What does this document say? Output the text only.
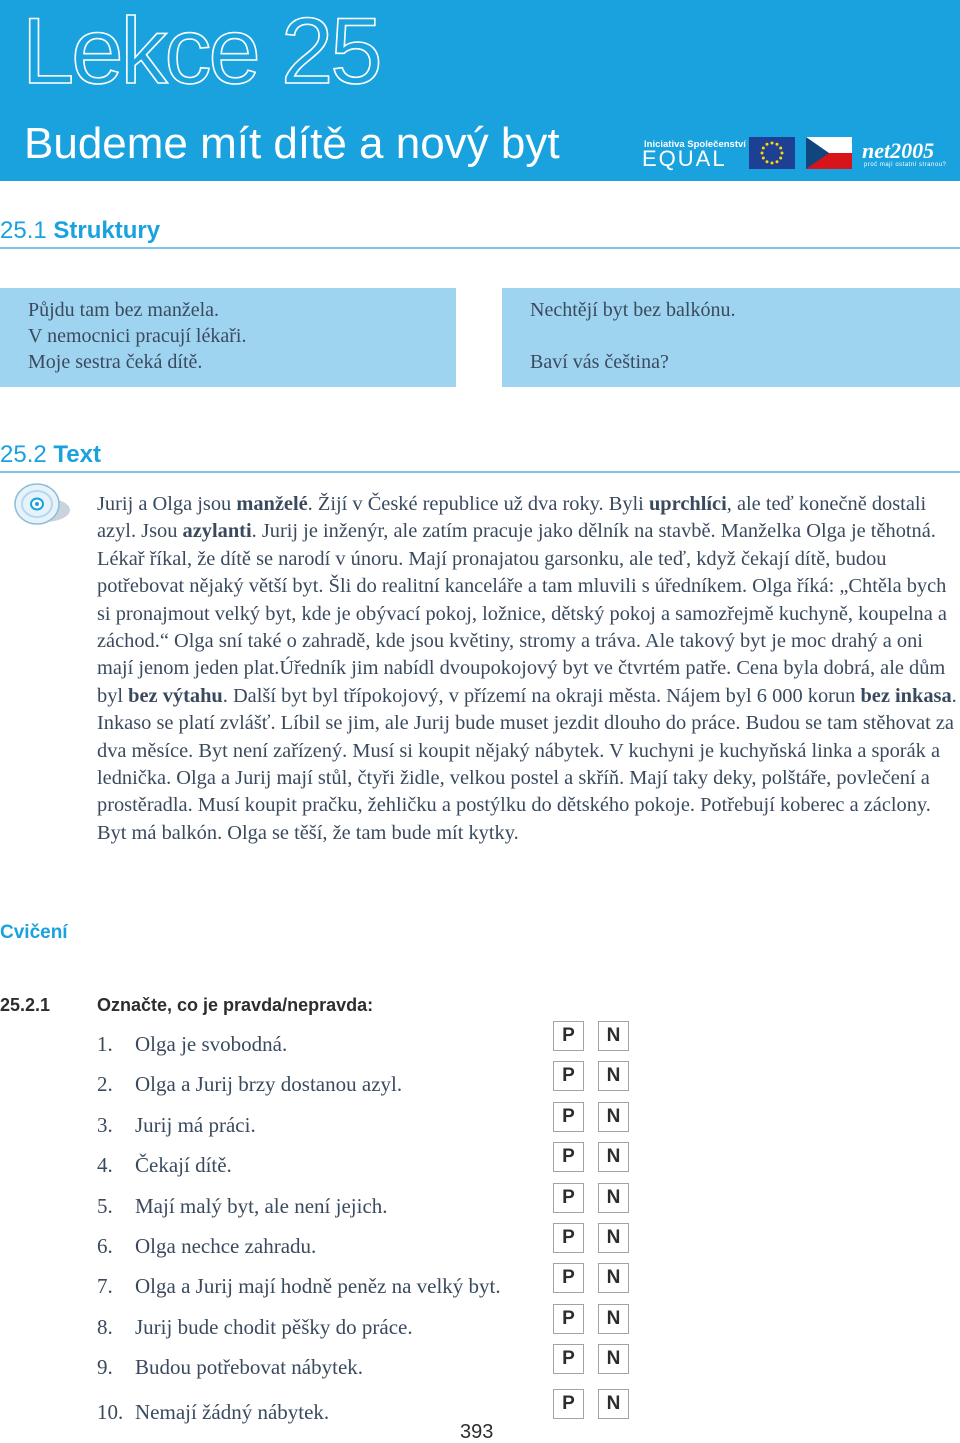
Lekce 25
Budeme mít dítě a nový byt	Iniciativa Společenství
EQUAL	net2005
proč mají ostatní stranou?
25.1 Struktury
Půjdu tam bez manžela.
V nemocnici pracují lékaři.
Moje sestra čeká dítě.
Nechtějí byt bez balkónu.
Baví vás čeština?
25.2 Text
Jurij a Olga jsou manželé. Žijí v České republice už dva roky. Byli uprchlíci, ale teď konečně dostali azyl. Jsou azylanti. Jurij je inženýr, ale zatím pracuje jako dělník na stavbě. Manželka Olga je těhotná. Lékař říkal, že dítě se narodí v únoru. Mají pronajatou garsonku, ale teď, když čekají dítě, budou potřebovat nějaký větší byt. Šli do realitní kanceláře a tam mluvili s úředníkem. Olga říká: „Chtěla bych si pronajmout velký byt, kde je obývací pokoj, ložnice, dětský pokoj a samozřejmě kuchyně, koupelna a záchod.“ Olga sní také o zahradě, kde jsou květiny, stromy a tráva. Ale takový byt je moc drahý a oni mají jenom jeden plat.Úředník jim nabídl dvoupokojový byt ve čtvrtém patře. Cena byla dobrá, ale dům byl bez výtahu. Další byt byl třípokojový, v přízemí na okraji města. Nájem byl 6 000 korun bez inkasa. Inkaso se platí zvlášť. Líbil se jim, ale Jurij bude muset jezdit dlouho do práce. Budou se tam stěhovat za dva měsíce. Byt není zařízený. Musí si koupit nějaký nábytek. V kuchyni je kuchyňská linka a sporák a lednička. Olga a Jurij mají stůl, čtyři židle, velkou postel a skříň. Mají taky deky, polštáře, povlečení a prostěradla. Musí koupit pračku, žehličku a postýlku do dětského pokoje. Potřebují koberec a záclony. Byt má balkón. Olga se těší, že tam bude mít kytky.
Cvičení
25.2.1	Označte, co je pravda/nepravda:
1. Olga je svobodná.	P	N
2. Olga a Jurij brzy dostanou azyl.	P	N
3. Jurij má práci.	P	N
4. Čekají dítě.	P	N
5. Mají malý byt, ale není jejich.	P	N
6. Olga nechce zahradu.	P	N
7. Olga a Jurij mají hodně peněz na velký byt.	P	N
8. Jurij bude chodit pěšky do práce.	P	N
9. Budou potřebovat nábytek.	P	N
10. Nemají žádný nábytek.	P	N
393
